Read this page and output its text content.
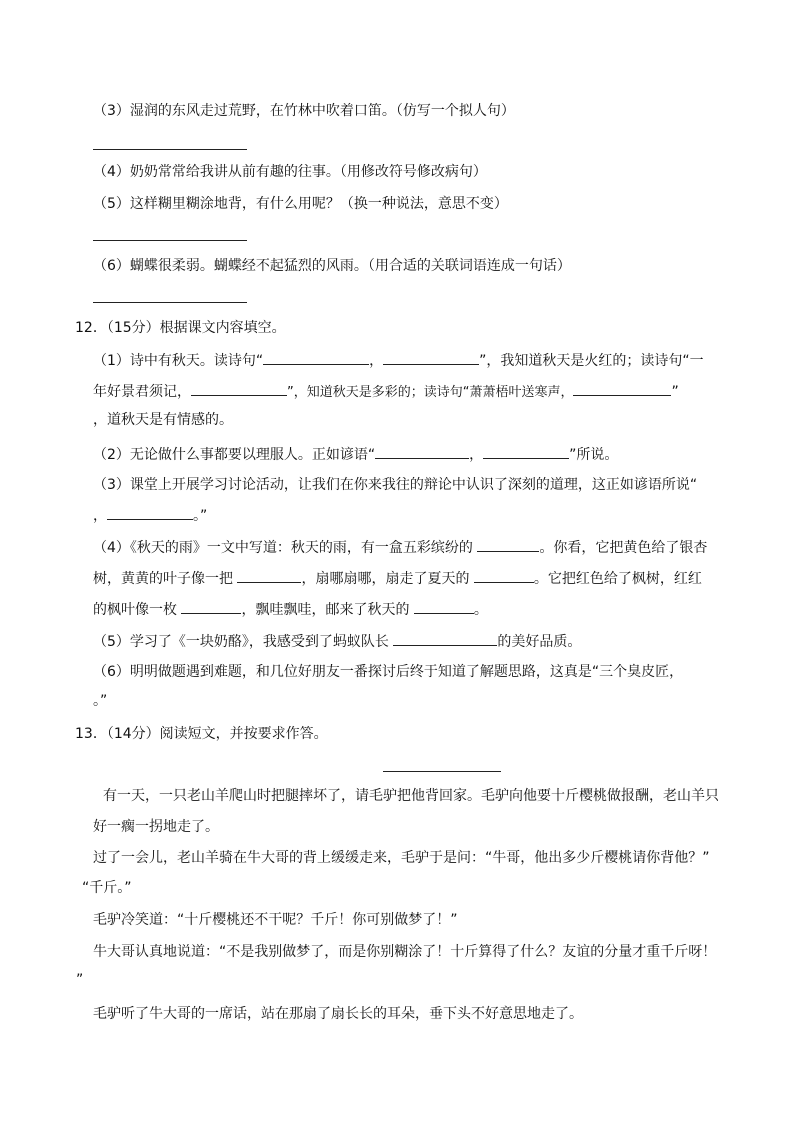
（3）湿润的东风走过荒野，在竹林中吹着口笛。（仿写一个拟人句）
（4）奶奶常常给我讲从前有趣的往事。（用修改符号修改病句）
（5）这样糊里糊涂地背，有什么用呢？（换一种说法，意思不变）
（6）蝴蝶很柔弱。蝴蝶经不起猛烈的风雨。（用合适的关联词语连成一句话）
12．（15分）根据课文内容填空。
（1）诗中有秋天。读诗句“	，	”，我知道秋天是火红的；读诗句“一
年好景君须记，	”，知道秋天是多彩的；读诗句“萧萧梧叶送寒声，	”
，道秋天是有情感的。
（2）无论做什么事都要以理服人。正如谚语“	，	”所说。
（3）课堂上开展学习讨论活动，让我们在你来我往的辩论中认识了深刻的道理，这正如谚语所说“
，	。”
（4）《秋天的雨》一文中写道：秋天的雨，有一盒五彩缤纷的	。你看，它把黄色给了银杏
树，黄黄的叶子像一把	，扇哪扇哪，扇走了夏天的	。它把红色给了枫树，红红
的枫叶像一枚	，飘哇飘哇，邮来了秋天的	。
（5）学习了《一块奶酪》，我感受到了蚂蚁队长	的美好品质。
（6）明明做题遇到难题，和几位好朋友一番探讨后终于知道了解题思路，这真是“三个臭皮匠，
。”
13．（14分）阅读短文，并按要求作答。
有一天，一只老山羊爬山时把腿摔坏了，请毛驴把他背回家。毛驴向他要十斤樱桃做报酬，老山羊只
好一瘸一拐地走了。
过了一会儿，老山羊骑在牛大哥的背上缓缓走来，毛驴于是问：“牛哥，他出多少斤樱桃请你背他？”
“千斤。”
毛驴冷笑道：“十斤樱桃还不干呢？千斤！你可别做梦了！”
牛大哥认真地说道：“不是我别做梦了，而是你别糊涂了！十斤算得了什么？友谊的分量才重千斤呀！
”
毛驴听了牛大哥的一席话，站在那扇了扇长长的耳朵，垂下头不好意思地走了。
